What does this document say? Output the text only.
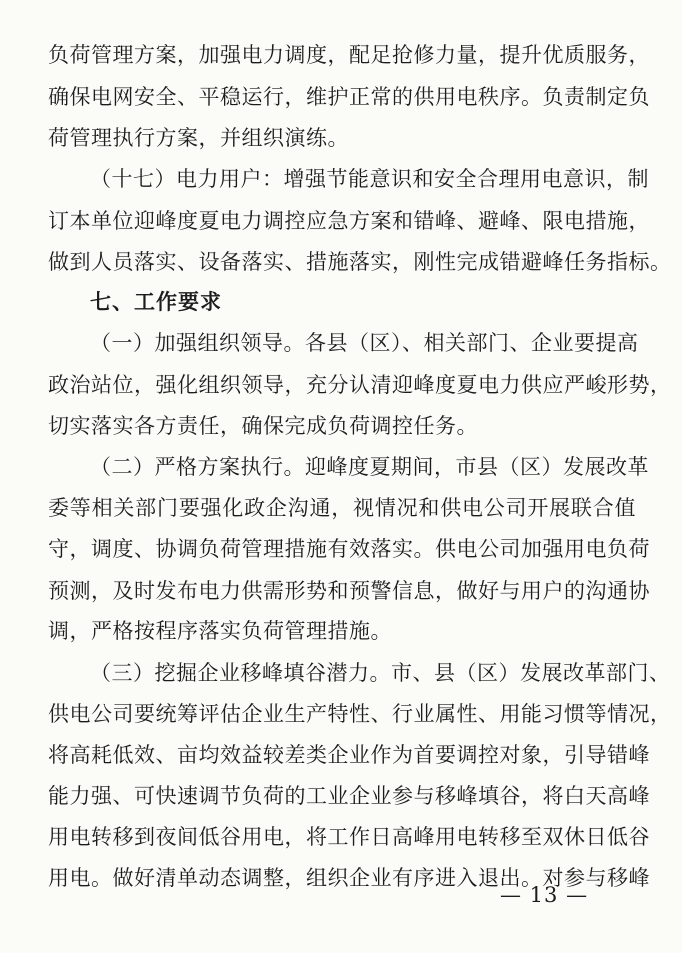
负荷管理方案，加强电力调度，配足抢修力量，提升优质服务，
确保电网安全、平稳运行，维护正常的供用电秩序。负责制定负
荷管理执行方案，并组织演练。
（十七）电力用户：增强节能意识和安全合理用电意识，制
订本单位迎峰度夏电力调控应急方案和错峰、避峰、限电措施，
做到人员落实、设备落实、措施落实，刚性完成错避峰任务指标。
七、工作要求
（一）加强组织领导。各县（区）、相关部门、企业要提高
政治站位，强化组织领导，充分认清迎峰度夏电力供应严峻形势，
切实落实各方责任，确保完成负荷调控任务。
（二）严格方案执行。迎峰度夏期间，市县（区）发展改革
委等相关部门要强化政企沟通，视情况和供电公司开展联合值
守，调度、协调负荷管理措施有效落实。供电公司加强用电负荷
预测，及时发布电力供需形势和预警信息，做好与用户的沟通协
调，严格按程序落实负荷管理措施。
（三）挖掘企业移峰填谷潜力。市、县（区）发展改革部门、
供电公司要统筹评估企业生产特性、行业属性、用能习惯等情况，
将高耗低效、亩均效益较差类企业作为首要调控对象，引导错峰
能力强、可快速调节负荷的工业企业参与移峰填谷，将白天高峰
用电转移到夜间低谷用电，将工作日高峰用电转移至双休日低谷
用电。做好清单动态调整，组织企业有序进入退出。对参与移峰
— 13 —
